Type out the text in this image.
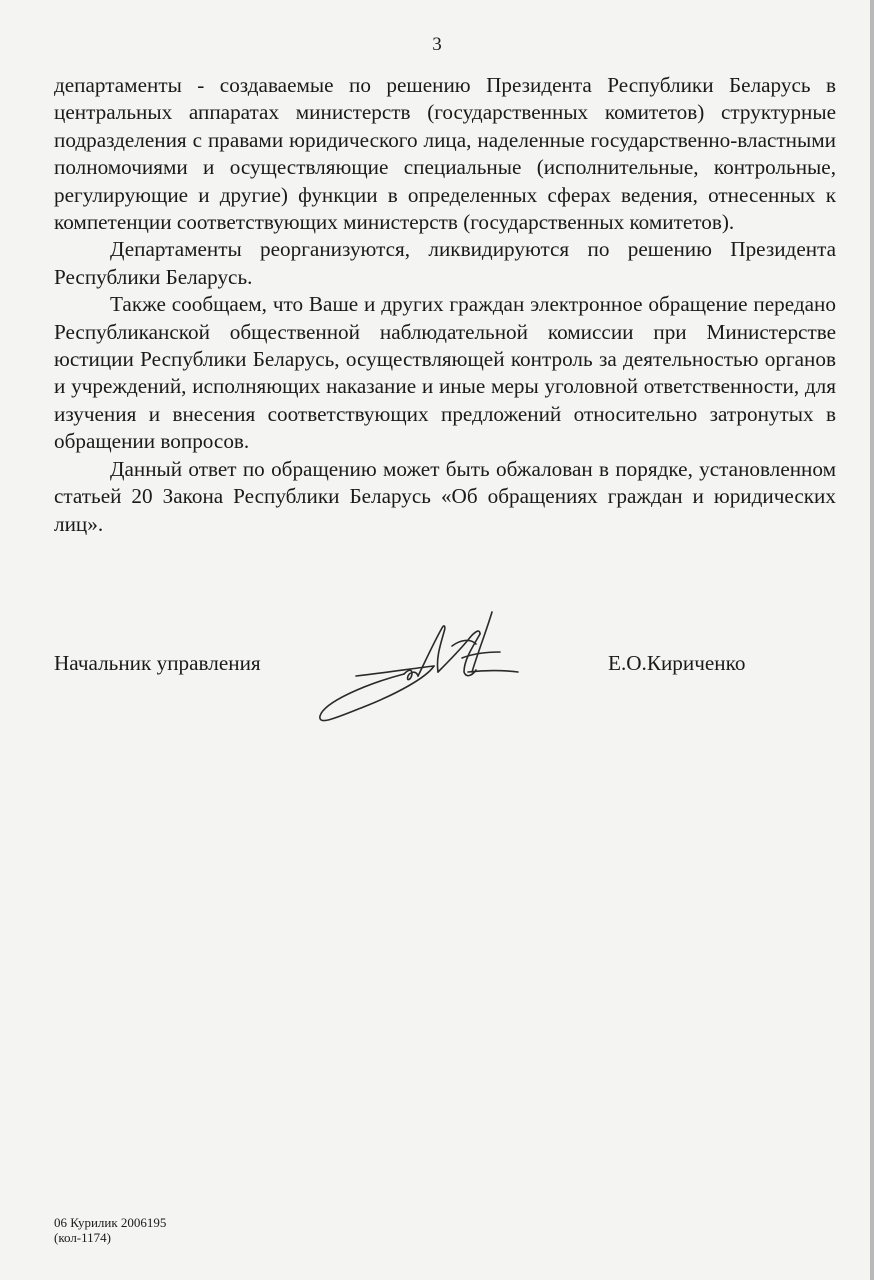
3

департаменты - создаваемые по решению Президента Республики Беларусь в центральных аппаратах министерств (государственных комитетов) структурные подразделения с правами юридического лица, наделенные государственно-властными полномочиями и осуществляющие специальные (исполнительные, контрольные, регулирующие и другие) функции в определенных сферах ведения, отнесенных к компетенции соответствующих министерств (государственных комитетов).

Департаменты реорганизуются, ликвидируются по решению Президента Республики Беларусь.

Также сообщаем, что Ваше и других граждан электронное обращение передано Республиканской общественной наблюдательной комиссии при Министерстве юстиции Республики Беларусь, осуществляющей контроль за деятельностью органов и учреждений, исполняющих наказание и иные меры уголовной ответственности, для изучения и внесения соответствующих предложений относительно затронутых в обращении вопросов.

Данный ответ по обращению может быть обжалован в порядке, установленном статьей 20 Закона Республики Беларусь «Об обращениях граждан и юридических лиц».

Начальник управления	Е.О.Кириченко
06 Курилик 2006195
(кол-1174)
